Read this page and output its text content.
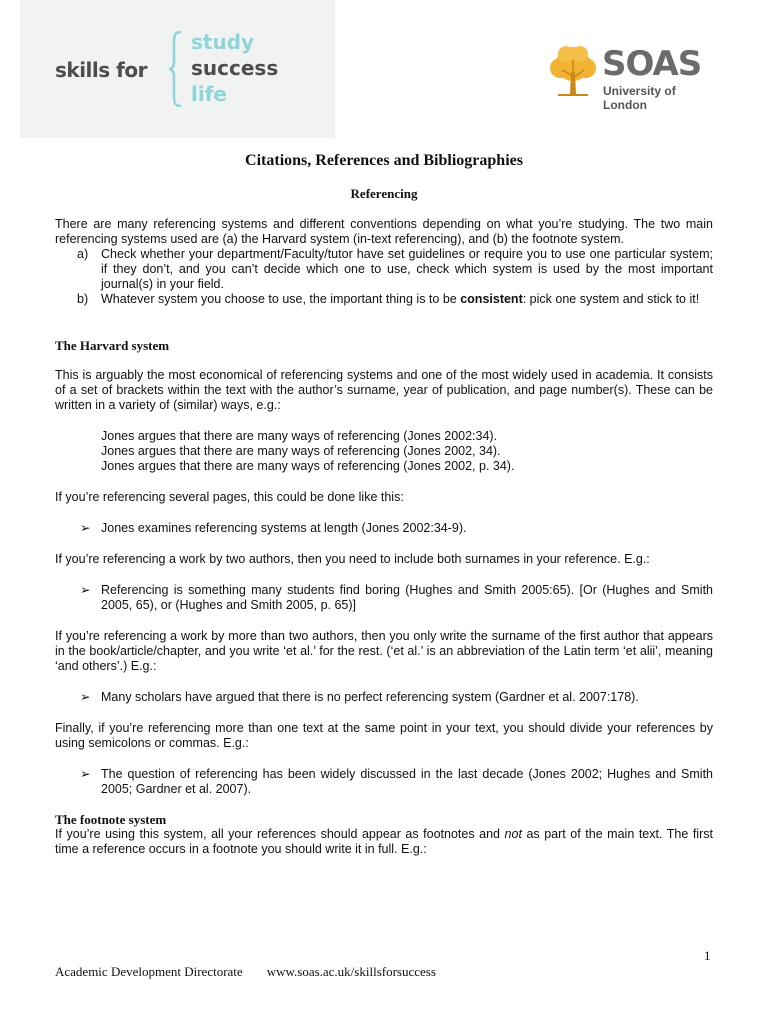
skills for
study
success
life
SOAS
University of London
Citations, References and Bibliographies
Referencing

There are many referencing systems and different conventions depending on what you’re studying. The two main referencing systems used are (a) the Harvard system (in-text referencing), and (b) the footnote system.

a) Check whether your department/Faculty/tutor have set guidelines or require you to use one particular system; if they don’t, and you can’t decide which one to use, check which system is used by the most important journal(s) in your field.
b) Whatever system you choose to use, the important thing is to be consistent: pick one system and stick to it!

The Harvard system

This is arguably the most economical of referencing systems and one of the most widely used in academia. It consists of a set of brackets within the text with the author’s surname, year of publication, and page number(s). These can be written in a variety of (similar) ways, e.g.:

Jones argues that there are many ways of referencing (Jones 2002:34).
Jones argues that there are many ways of referencing (Jones 2002, 34).
Jones argues that there are many ways of referencing (Jones 2002, p. 34).

If you’re referencing several pages, this could be done like this:

➢ Jones examines referencing systems at length (Jones 2002:34-9).

If you’re referencing a work by two authors, then you need to include both surnames in your reference. E.g.:

➢ Referencing is something many students find boring (Hughes and Smith 2005:65). [Or (Hughes and Smith 2005, 65), or (Hughes and Smith 2005, p. 65)]

If you’re referencing a work by more than two authors, then you only write the surname of the first author that appears in the book/article/chapter, and you write ‘et al.’ for the rest. (‘et al.’ is an abbreviation of the Latin term ‘et alii’, meaning ‘and others’.) E.g.:

➢ Many scholars have argued that there is no perfect referencing system (Gardner et al. 2007:178).

Finally, if you’re referencing more than one text at the same point in your text, you should divide your references by using semicolons or commas. E.g.:

➢ The question of referencing has been widely discussed in the last decade (Jones 2002; Hughes and Smith 2005; Gardner et al. 2007).

The footnote system

If you’re using this system, all your references should appear as footnotes and not as part of the main text. The first time a reference occurs in a footnote you should write it in full. E.g.:

1
Academic Development Directorate www.soas.ac.uk/skillsforsuccess
